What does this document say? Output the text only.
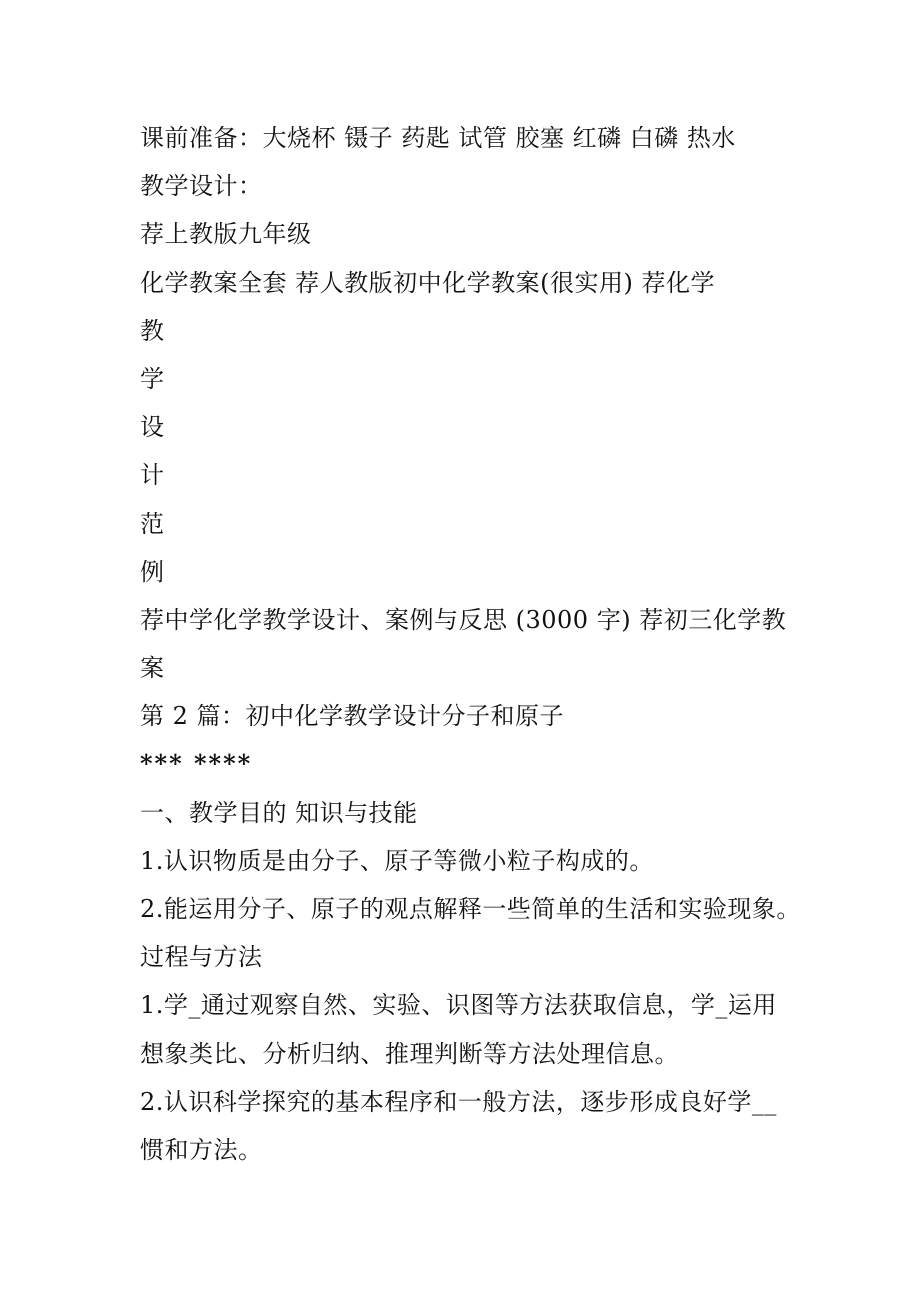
课前准备：大烧杯 镊子 药匙 试管 胶塞 红磷 白磷 热水
教学设计：
荐上教版九年级
化学教案全套 荐人教版初中化学教案(很实用) 荐化学
教
学
设
计
范
例
荐中学化学教学设计、案例与反思 (3000 字) 荐初三化学教
案
第 2 篇：初中化学教学设计分子和原子
*** ****
一、教学目的 知识与技能
1.认识物质是由分子、原子等微小粒子构成的。
2.能运用分子、原子的观点解释一些简单的生活和实验现象。
过程与方法
1.学_通过观察自然、实验、识图等方法获取信息，学_运用
想象类比、分析归纳、推理判断等方法处理信息。
2.认识科学探究的基本程序和一般方法，逐步形成良好学__
惯和方法。
